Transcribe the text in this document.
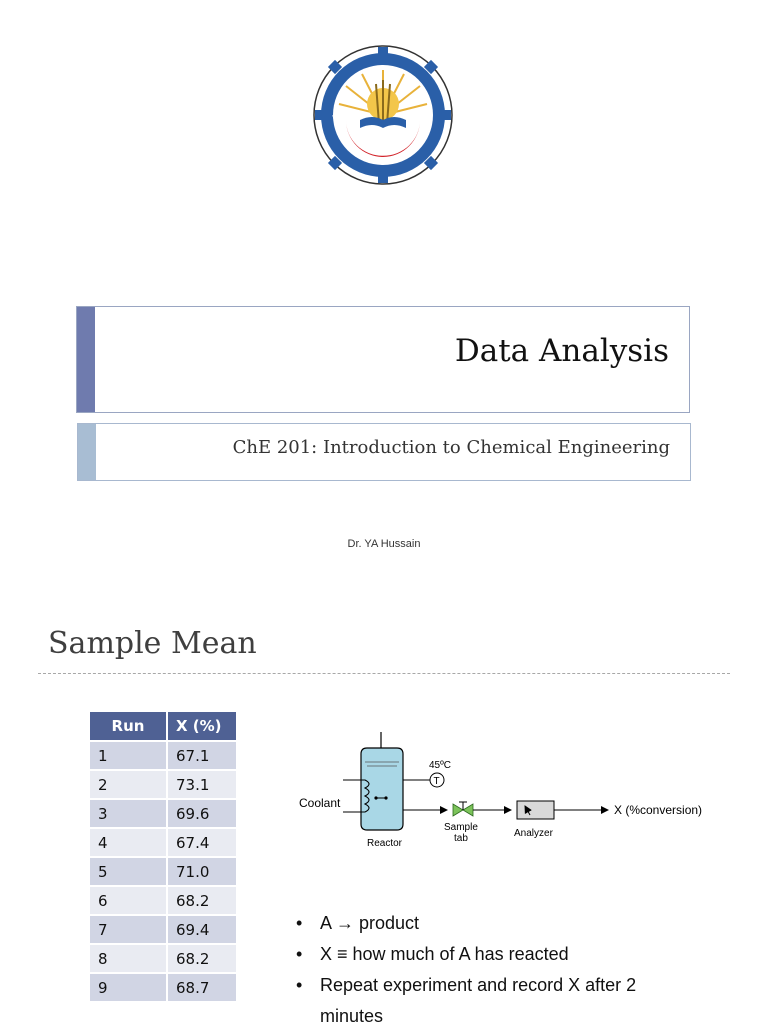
٧٢٩١	١٩٠٧
Data Analysis
ChE 201: Introduction to Chemical Engineering
Dr. YA Hussain
Sample Mean
Run	X (%)
1	67.1
2	73.1
3	69.6
4	67.4
5	71.0
6	68.2
7	69.4
8	68.2
9	68.7
T
45ºC
Coolant
Reactor
Sample
tab	Analyzer
X (%conversion)
• A → product
• X ≡ how much of A has reacted
• Repeat experiment and record X after 2 minutes
